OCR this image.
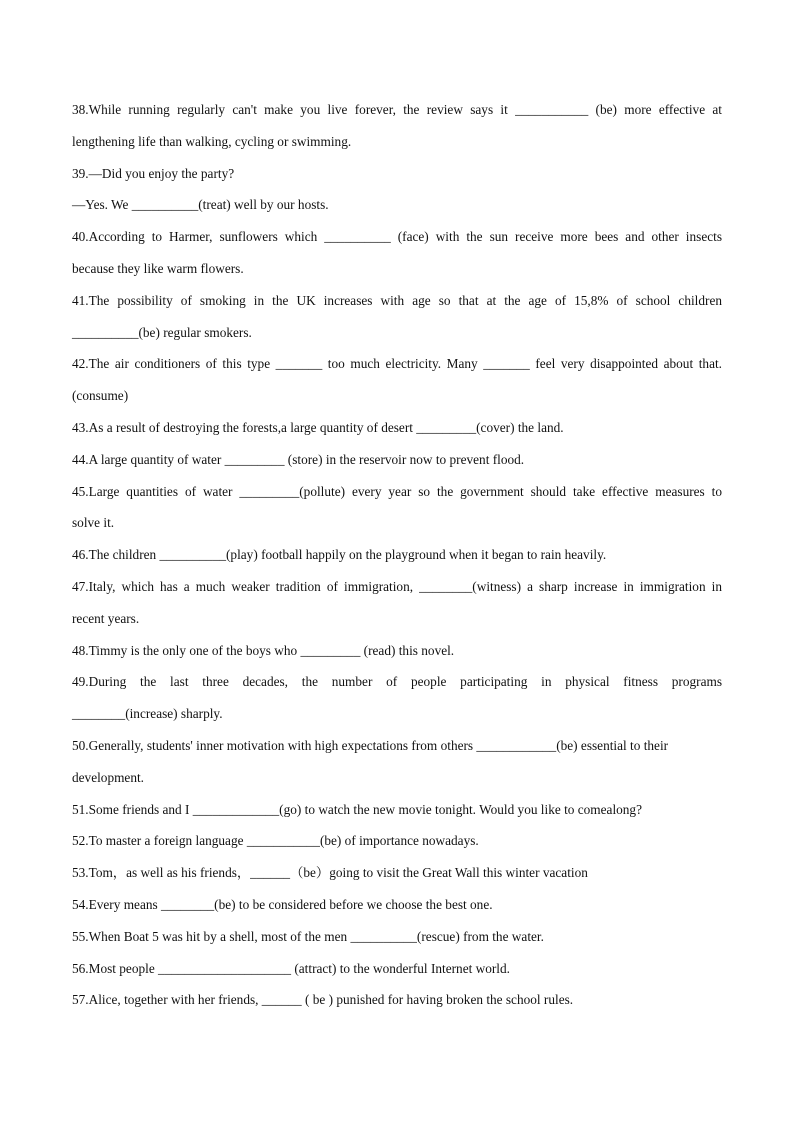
38.While running regularly can't make you live forever, the review says it ___________ (be) more effective at
lengthening life than walking, cycling or swimming.
39.—Did you enjoy the party?
—Yes. We __________(treat) well by our hosts.
40.According to Harmer, sunflowers which __________ (face) with the sun receive more bees and other insects
because they like warm flowers.
41.The possibility of smoking in the UK increases with age so that at the age of 15,8% of school children
__________(be) regular smokers.
42.The air conditioners of this type _______ too much electricity. Many _______ feel very disappointed about that.
(consume)
43.As a result of destroying the forests,a large quantity of desert _________(cover) the land.
44.A large quantity of water _________ (store) in the reservoir now to prevent flood.
45.Large quantities of water _________(pollute) every year so the government should take effective measures to
solve it.
46.The children __________(play) football happily on the playground when it began to rain heavily.
47.Italy, which has a much weaker tradition of immigration, ________(witness) a sharp increase in immigration in
recent years.
48.Timmy is the only one of the boys who _________ (read) this novel.
49.During the last three decades, the number of people participating in physical fitness programs
________(increase) sharply.
50.Generally, students' inner motivation with high expectations from others ____________(be) essential to their
development.
51.Some friends and I _____________(go) to watch the new movie tonight. Would you like to comealong?
52.To master a foreign language ___________(be) of importance nowadays.
53.Tom，as well as his friends，______（be）going to visit the Great Wall this winter vacation
54.Every means ________(be) to be considered before we choose the best one.
55.When Boat 5 was hit by a shell, most of the men __________(rescue) from the water.
56.Most people ____________________ (attract) to the wonderful Internet world.
57.Alice, together with her friends, ______ ( be ) punished for having broken the school rules.
